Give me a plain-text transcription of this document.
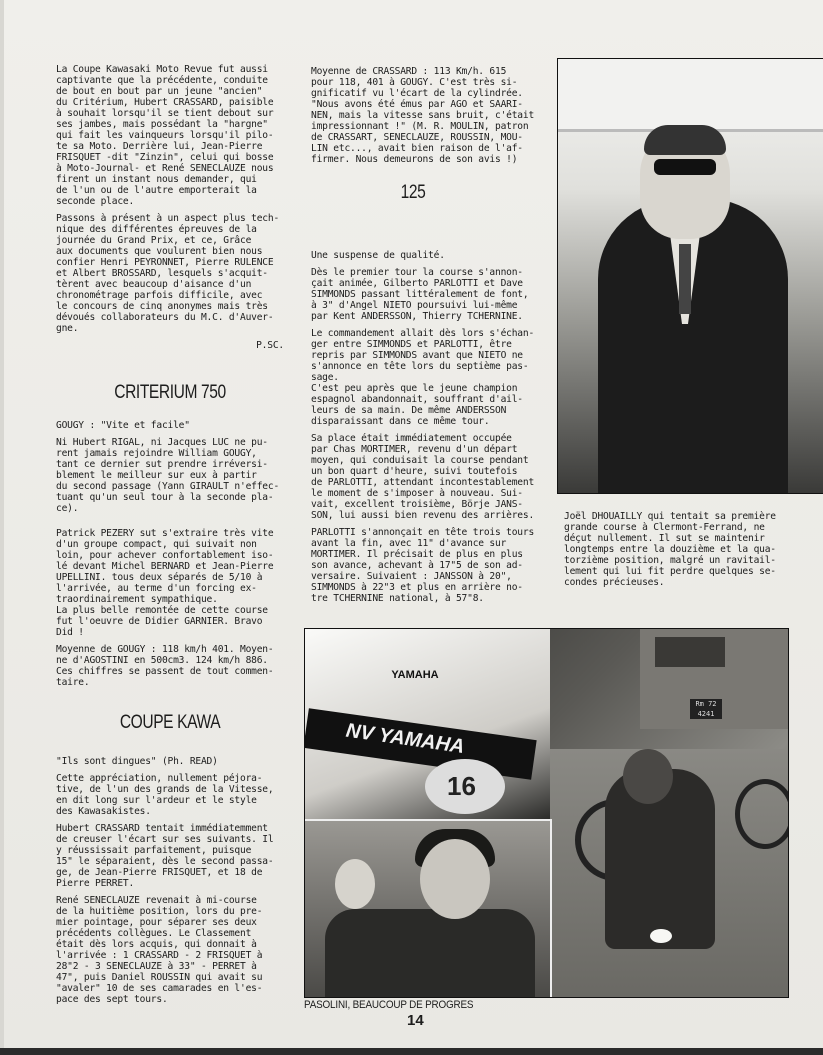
La Coupe Kawasaki Moto Revue fut aussi
captivante que la précédente, conduite
de bout en bout par un jeune "ancien"
du Critérium, Hubert CRASSARD, paisible
à souhait lorsqu'il se tient debout sur
ses jambes, mais possédant la "hargne"
qui fait les vainqueurs lorsqu'il pilo-
te sa Moto. Derrière lui, Jean-Pierre
FRISQUET -dit "Zinzin", celui qui bosse
à Moto-Journal- et René SENECLAUZE nous
firent un instant nous demander, qui
de l'un ou de l'autre emporterait la
seconde place.

Passons à présent à un aspect plus tech-
nique des différentes épreuves de la
journée du Grand Prix, et ce, Grâce
aux documents que voulurent bien nous
confier Henri PEYRONNET, Pierre RULENCE
et Albert BROSSARD, lesquels s'acquit-
tèrent avec beaucoup d'aisance d'un
chronométrage parfois difficile, avec
le concours de cinq anonymes mais très
dévoués collaborateurs du M.C. d'Auver-
gne.

P.SC.

CRITERIUM 750

GOUGY : "Vite et facile"

Ni Hubert RIGAL, ni Jacques LUC ne pu-
rent jamais rejoindre William GOUGY,
tant ce dernier sut prendre irréversi-
blement le meilleur sur eux à partir
du second passage (Yann GIRAULT n'effec-
tuant qu'un seul tour à la seconde pla-
ce).

Patrick PEZERY sut s'extraire très vite
d'un groupe compact, qui suivait non
loin, pour achever confortablement iso-
lé devant Michel BERNARD et Jean-Pierre
UPELLINI. tous deux séparés de 5/10 à
l'arrivée, au terme d'un forcing ex-
traordinairement sympathique.
La plus belle remontée de cette course
fut l'oeuvre de Didier GARNIER. Bravo
Did !

Moyenne de GOUGY : 118 km/h 401. Moyen-
ne d'AGOSTINI en 500cm3. 124 km/h 886.
Ces chiffres se passent de tout commen-
taire.

COUPE KAWA

"Ils sont dingues" (Ph. READ)

Cette appréciation, nullement péjora-
tive, de l'un des grands de la Vitesse,
en dit long sur l'ardeur et le style
des Kawasakistes.

Hubert CRASSARD tentait immédiatemment
de creuser l'écart sur ses suivants. Il
y réussissait parfaitement, puisque
15" le séparaient, dès le second passa-
ge, de Jean-Pierre FRISQUET, et 18 de
Pierre PERRET.

René SENECLAUZE revenait à mi-course
de la huitième position, lors du pre-
mier pointage, pour séparer ses deux
précédents collègues. Le Classement
était dès lors acquis, qui donnait à
l'arrivée : 1 CRASSARD - 2 FRISQUET à
28"2 - 3 SENECLAUZE à 33" - PERRET à
47", puis Daniel ROUSSIN qui avait su
"avaler" 10 de ses camarades en l'es-
pace des sept tours.

Moyenne de CRASSARD : 113 Km/h. 615
pour 118, 401 à GOUGY. C'est très si-
gnificatif vu l'écart de la cylindrée.
"Nous avons été émus par AGO et SAARI-
NEN, mais la vitesse sans bruit, c'était
impressionnant !" (M. R. MOULIN, patron
de CRASSART, SENECLAUZE, ROUSSIN, MOU-
LIN etc..., avait bien raison de l'af-
firmer. Nous demeurons de son avis !)

125

Une suspense de qualité.

Dès le premier tour la course s'annon-
çait animée, Gilberto PARLOTTI et Dave
SIMMONDS passant littéralement de font,
à 3" d'Angel NIETO poursuivi lui-même
par Kent ANDERSSON, Thierry TCHERNINE.

Le commandement allait dès lors s'échan-
ger entre SIMMONDS et PARLOTTI, être
repris par SIMMONDS avant que NIETO ne
s'annonce en tête lors du septième pas-
sage.
C'est peu après que le jeune champion
espagnol abandonnait, souffrant d'ail-
leurs de sa main. De même ANDERSSON
disparaissant dans ce même tour.

Sa place était immédiatement occupée
par Chas MORTIMER, revenu d'un départ
moyen, qui conduisait la course pendant
un bon quart d'heure, suivi toutefois
de PARLOTTI, attendant incontestablement
le moment de s'imposer à nouveau. Sui-
vait, excellent troisième, Börje JANS-
SON, lui aussi bien revenu des arrières.

PARLOTTI s'annonçait en tête trois tours
avant la fin, avec 11" d'avance sur
MORTIMER. Il précisait de plus en plus
son avance, achevant à 17"5 de son ad-
versaire. Suivaient : JANSSON à 20",
SIMMONDS à 22"3 et plus en arrière no-
tre TCHERNINE national, à 57"8.

Joël DHOUAILLY qui tentait sa première
grande course à Clermont-Ferrand, ne
déçut nullement. Il sut se maintenir
longtemps entre la douzième et la qua-
torzième position, malgré un ravitail-
lement qui lui fit perdre quelques se-
condes précieuses.

Rm 72
4241
YAMAHA
NV YAMAHA
16
PASOLINI, BEAUCOUP DE PROGRES
14
